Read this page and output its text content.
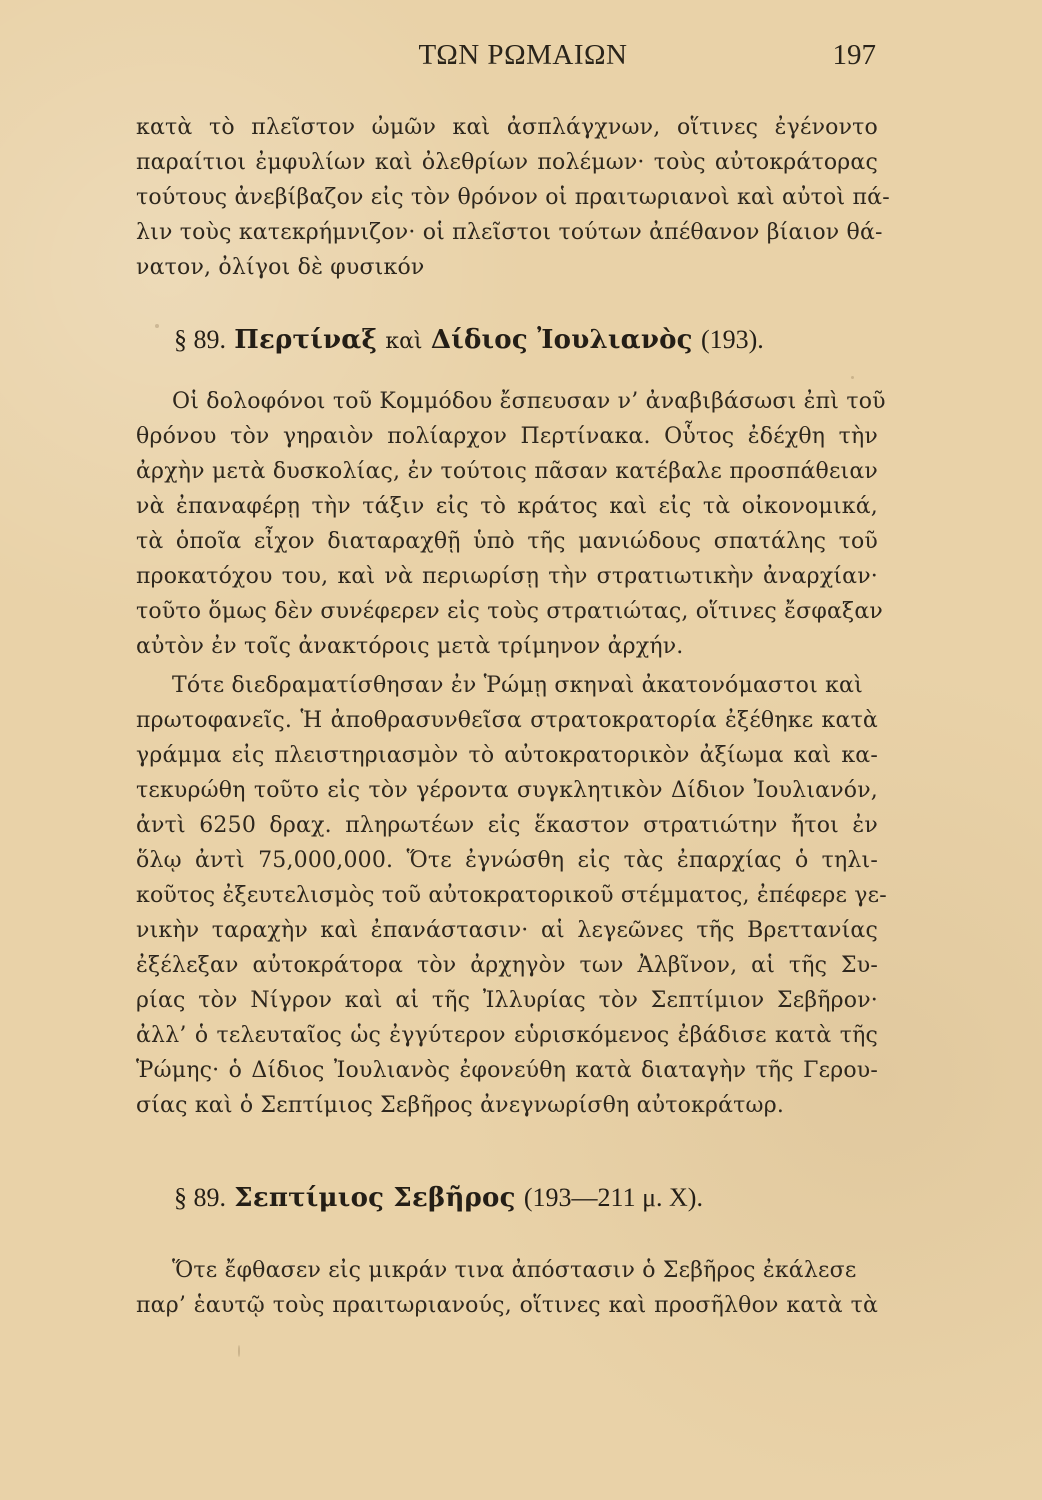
ΤΩΝ ΡΩΜΑΙΩΝ	197
κατὰ τὸ πλεῖστον ὠμῶν καὶ ἀσπλάγχνων, οἵτινες ἐγένοντο
παραίτιοι ἐμφυλίων καὶ ὀλεθρίων πολέμων· τοὺς αὐτοκράτορας
τούτους ἀνεβίβαζον εἰς τὸν θρόνον οἱ πραιτωριανοὶ καὶ αὐτοὶ πά-
λιν τοὺς κατεκρήμνιζον· οἱ πλεῖστοι τούτων ἀπέθανον βίαιον θά-
νατον, ὀλίγοι δὲ φυσικόν
§ 89. Περτίναξ καὶ Δίδιος Ἰουλιανὸς (193).
Οἱ δολοφόνοι τοῦ Κομμόδου ἔσπευσαν ν’ ἀναβιβάσωσι ἐπὶ τοῦ
θρόνου τὸν γηραιὸν πολίαρχον Περτίνακα. Οὗτος ἐδέχθη τὴν
ἀρχὴν μετὰ δυσκολίας, ἐν τούτοις πᾶσαν κατέβαλε προσπάθειαν
νὰ ἐπαναφέρῃ τὴν τάξιν εἰς τὸ κράτος καὶ εἰς τὰ οἰκονομικά,
τὰ ὁποῖα εἶχον διαταραχθῇ ὑπὸ τῆς μανιώδους σπατάλης τοῦ
προκατόχου του, καὶ νὰ περιωρίσῃ τὴν στρατιωτικὴν ἀναρχίαν·
τοῦτο ὅμως δὲν συνέφερεν εἰς τοὺς στρατιώτας, οἵτινες ἔσφαξαν
αὐτὸν ἐν τοῖς ἀνακτόροις μετὰ τρίμηνον ἀρχήν.
Τότε διεδραματίσθησαν ἐν Ῥώμῃ σκηναὶ ἀκατονόμαστοι καὶ
πρωτοφανεῖς. Ἡ ἀποθρασυνθεῖσα στρατοκρατορία ἐξέθηκε κατὰ
γράμμα εἰς πλειστηριασμὸν τὸ αὐτοκρατορικὸν ἀξίωμα καὶ κα-
τεκυρώθη τοῦτο εἰς τὸν γέροντα συγκλητικὸν Δίδιον Ἰουλιανόν,
ἀντὶ 6250 δραχ. πληρωτέων εἰς ἕκαστον στρατιώτην ἤτοι ἐν
ὅλῳ ἀντὶ 75,000,000. Ὅτε ἐγνώσθη εἰς τὰς ἐπαρχίας ὁ τηλι-
κοῦτος ἐξευτελισμὸς τοῦ αὐτοκρατορικοῦ στέμματος, ἐπέφερε γε-
νικὴν ταραχὴν καὶ ἐπανάστασιν· αἱ λεγεῶνες τῆς Βρεττανίας
ἐξέλεξαν αὐτοκράτορα τὸν ἀρχηγὸν των Ἀλβῖνον, αἱ τῆς Συ-
ρίας τὸν Νίγρον καὶ αἱ τῆς Ἰλλυρίας τὸν Σεπτίμιον Σεβῆρον·
ἀλλ’ ὁ τελευταῖος ὡς ἐγγύτερον εὑρισκόμενος ἐβάδισε κατὰ τῆς
Ῥώμης· ὁ Δίδιος Ἰουλιανὸς ἐφονεύθη κατὰ διαταγὴν τῆς Γερου-
σίας καὶ ὁ Σεπτίμιος Σεβῆρος ἀνεγνωρίσθη αὐτοκράτωρ.
§ 89. Σεπτίμιος Σεβῆρος (193—211 μ. Χ).
Ὅτε ἔφθασεν εἰς μικράν τινα ἀπόστασιν ὁ Σεβῆρος ἐκάλεσε
παρ’ ἑαυτῷ τοὺς πραιτωριανούς, οἵτινες καὶ προσῆλθον κατὰ τὰ
